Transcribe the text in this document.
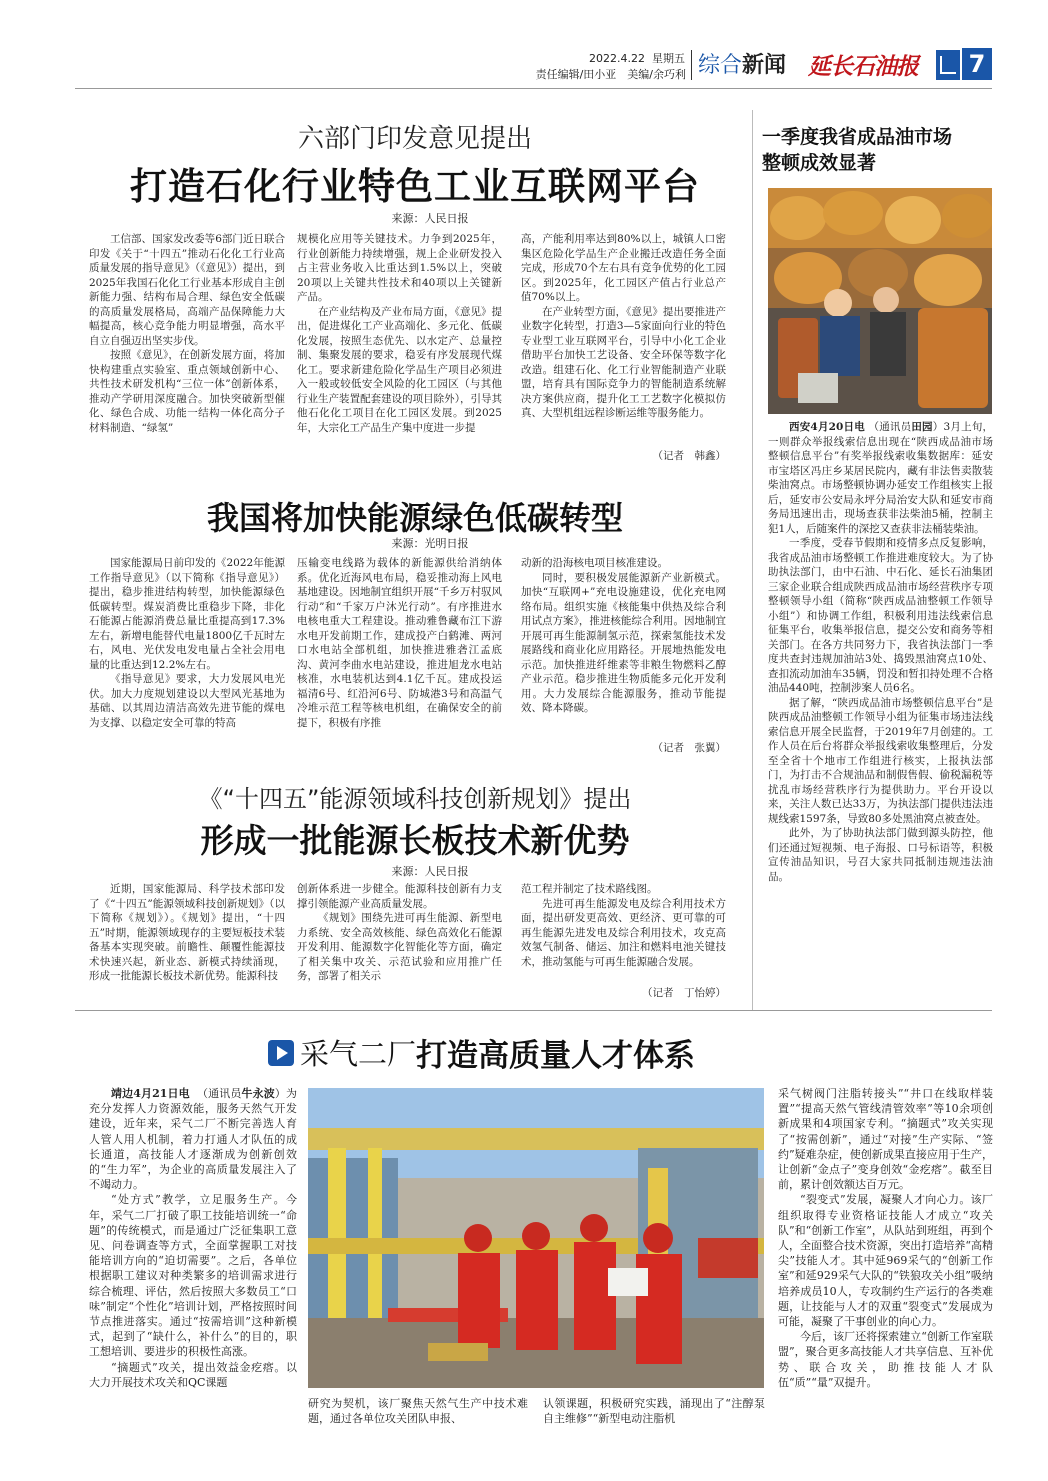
2022.4.22 星期五
责任编辑/田小亚　美编/余巧利 综合新闻 延长石油报 7
六部门印发意见提出
打造石化行业特色工业互联网平台
来源：人民日报

工信部、国家发改委等6部门近日联合印发《关于“十四五”推动石化化工行业高质量发展的指导意见》（《意见》）提出，到2025年我国石化化工行业基本形成自主创新能力强、结构布局合理、绿色安全低碳的高质量发展格局，高端产品保障能力大幅提高，核心竞争能力明显增强，高水平自立自强迈出坚实步伐。

按照《意见》，在创新发展方面，将加快构建重点实验室、重点领域创新中心、共性技术研发机构“三位一体”创新体系，推动产学研用深度融合。加快突破新型催化、绿色合成、功能一结构一体化高分子材料制造、“绿氢”

规模化应用等关键技术。力争到2025年，行业创新能力持续增强，规上企业研发投入占主营业务收入比重达到1.5%以上，突破20项以上关键共性技术和40项以上关键新产品。

在产业结构及产业布局方面，《意见》提出，促进煤化工产业高端化、多元化、低碳化发展，按照生态优先、以水定产、总量控制、集聚发展的要求，稳妥有序发展现代煤化工。要求新建危险化学品生产项目必须进入一般或较低安全风险的化工园区（与其他行业生产装置配套建设的项目除外），引导其他石化化工项目在化工园区发展。到2025年，大宗化工产品生产集中度进一步提

高，产能利用率达到80%以上，城镇人口密集区危险化学品生产企业搬迁改造任务全面完成，形成70个左右具有竞争优势的化工园区。到2025年，化工园区产值占行业总产值70%以上。

在产业转型方面，《意见》提出要推进产业数字化转型，打造3—5家面向行业的特色专业型工业互联网平台，引导中小化工企业借助平台加快工艺设备、安全环保等数字化改造。组建石化、化工行业智能制造产业联盟，培育具有国际竞争力的智能制造系统解决方案供应商，提升化工工艺数字化模拟仿真、大型机组远程诊断运维等服务能力。

（记者　韩鑫）
我国将加快能源绿色低碳转型
来源：光明日报

国家能源局日前印发的《2022年能源工作指导意见》（以下简称《指导意见》）提出，稳步推进结构转型，加快能源绿色低碳转型。煤炭消费比重稳步下降，非化石能源占能源消费总量比重提高到17.3%左右，新增电能替代电量1800亿千瓦时左右，风电、光伏发电发电量占全社会用电量的比重达到12.2%左右。

《指导意见》要求，大力发展风电光伏。加大力度规划建设以大型风光基地为基础、以其周边清洁高效先进节能的煤电为支撑、以稳定安全可靠的特高

压输变电线路为载体的新能源供给消纳体系。优化近海风电布局，稳妥推动海上风电基地建设。因地制宜组织开展“千乡万村驭风行动”和“千家万户沐光行动”。有序推进水电核电重大工程建设。推动雅鲁藏布江下游水电开发前期工作，建成投产白鹤滩、两河口水电站全部机组，加快推进雅砻江孟底沟、黄河李曲水电站建设，推进旭龙水电站核准，水电装机达到4.1亿千瓦。建成投运福清6号、红沿河6号、防城港3号和高温气冷堆示范工程等核电机组，在确保安全的前提下，积极有序推

动新的沿海核电项目核准建设。

同时，要积极发展能源新产业新模式。加快“互联网+”充电设施建设，优化充电网络布局。组织实施《核能集中供热及综合利用试点方案》，推进核能综合利用。因地制宜开展可再生能源制氢示范，探索氢能技术发展路线和商业化应用路径。开展地热能发电示范。加快推进纤维素等非粮生物燃料乙醇产业示范。稳步推进生物质能多元化开发利用。大力发展综合能源服务，推动节能提效、降本降碳。

（记者　张翼）
《“十四五”能源领域科技创新规划》提出
形成一批能源长板技术新优势
来源：人民日报

近期，国家能源局、科学技术部印发了《“十四五”能源领域科技创新规划》（以下简称《规划》）。《规划》提出，“十四五”时期，能源领域现存的主要短板技术装备基本实现突破。前瞻性、颠覆性能源技术快速兴起，新业态、新模式持续涌现，形成一批能源长板技术新优势。能源科技

创新体系进一步健全。能源科技创新有力支撑引领能源产业高质量发展。

《规划》围绕先进可再生能源、新型电力系统、安全高效核能、绿色高效化石能源开发利用、能源数字化智能化等方面，确定了相关集中攻关、示范试验和应用推广任务，部署了相关示

范工程并制定了技术路线图。

先进可再生能源发电及综合利用技术方面，提出研发更高效、更经济、更可靠的可再生能源先进发电及综合利用技术，攻克高效氢气制备、储运、加注和燃料电池关键技术，推动氢能与可再生能源融合发展。

（记者　丁怡婷）
一季度我省成品油市场
整顿成效显著

西安4月20日电 （通讯员田园）3月上旬，一则群众举报线索信息出现在“陕西成品油市场整顿信息平台”有奖举报线索收集数据库：延安市宝塔区冯庄乡某居民院内，藏有非法售卖散装柴油窝点。市场整顿协调办延安工作组核实上报后，延安市公安局永坪分局治安大队和延安市商务局迅速出击，现场查获非法柴油5桶，控制主犯1人，后随案件的深挖又查获非法桶装柴油。

一季度，受春节假期和疫情多点反复影响，我省成品油市场整顿工作推进难度较大。为了协助执法部门，由中石油、中石化、延长石油集团三家企业联合组成陕西成品油市场经营秩序专项整顿领导小组（简称“陕西成品油整顿工作领导小组”）和协调工作组，积极利用违法线索信息征集平台，收集举报信息，提交公安和商务等相关部门。在各方共同努力下，我省执法部门一季度共查封违规加油站3处、捣毁黑油窝点10处、查扣流动加油车35辆，罚没和暂扣持处理不合格油品440吨，控制涉案人员6名。

据了解，“陕西成品油市场整顿信息平台”是陕西成品油整顿工作领导小组为征集市场违法线索信息开展全民监督，于2019年7月创建的。工作人员在后台将群众举报线索收集整理后，分发至全省十个地市工作组进行核实，上报执法部门，为打击不合规油品和制假售假、偷税漏税等扰乱市场经营秩序行为提供助力。平台开设以来，关注人数已达33万，为执法部门提供违法违规线索1597条，导致80多处黑油窝点被查处。

此外，为了协助执法部门做到源头防控，他们还通过短视频、电子海报、口号标语等，积极宣传油品知识，号召大家共同抵制违规违法油品。

采气二厂打造高质量人才体系

靖边4月21日电 （通讯员牛永波）为充分发挥人力资源效能，服务天然气开发建设，近年来，采气二厂不断完善选人育人管人用人机制，着力打通人才队伍的成长通道，高技能人才逐渐成为创新创效的“生力军”，为企业的高质量发展注入了不竭动力。

“处方式”教学，立足服务生产。今年，采气二厂打破了职工技能培训统一“命题”的传统模式，而是通过广泛征集职工意见、问卷调查等方式，全面掌握职工对技能培训方向的“迫切需要”。之后，各单位根据职工建议对种类繁多的培训需求进行综合梳理、评估，然后按照大多数员工“口味”制定“个性化”培训计划，严格按照时间节点推进落实。通过“按需培训”这种新模式，起到了“缺什么，补什么”的目的，职工想培训、要进步的积极性高涨。

“摘题式”攻关，提出效益金疙瘩。以大力开展技术攻关和QC课题

研究为契机，该厂聚焦天然气生产中技术难题，通过各单位攻关团队申报、

认领课题，积极研究实践，涌现出了“注醇泵自主维修”“新型电动注脂机

采气树阀门注脂转接头”“井口在线取样装置”“提高天然气管线清管效率”等10余项创新成果和4项国家专利。“摘题式”攻关实现了“按需创新”，通过“对接”生产实际、“签约”疑难杂症，使创新成果直接应用于生产，让创新“金点子”变身创效“金疙瘩”。截至目前，累计创效额达百万元。

“裂变式”发展，凝聚人才向心力。该厂组织取得专业资格证技能人才成立“攻关队”和“创新工作室”，从队站到班组，再到个人，全面整合技术资源，突出打造培养“高精尖”技能人才。其中延969采气的“创新工作室”和延929采气大队的“铁狼攻关小组”吸纳培养成员10人，专攻制约生产运行的各类难题，让技能与人才的双重“裂变式”发展成为可能，凝聚了干事创业的向心力。

今后，该厂还将探索建立“创新工作室联盟”，聚合更多高技能人才共享信息、互补优势、联合攻关，助推技能人才队伍“质”“量”双提升。
